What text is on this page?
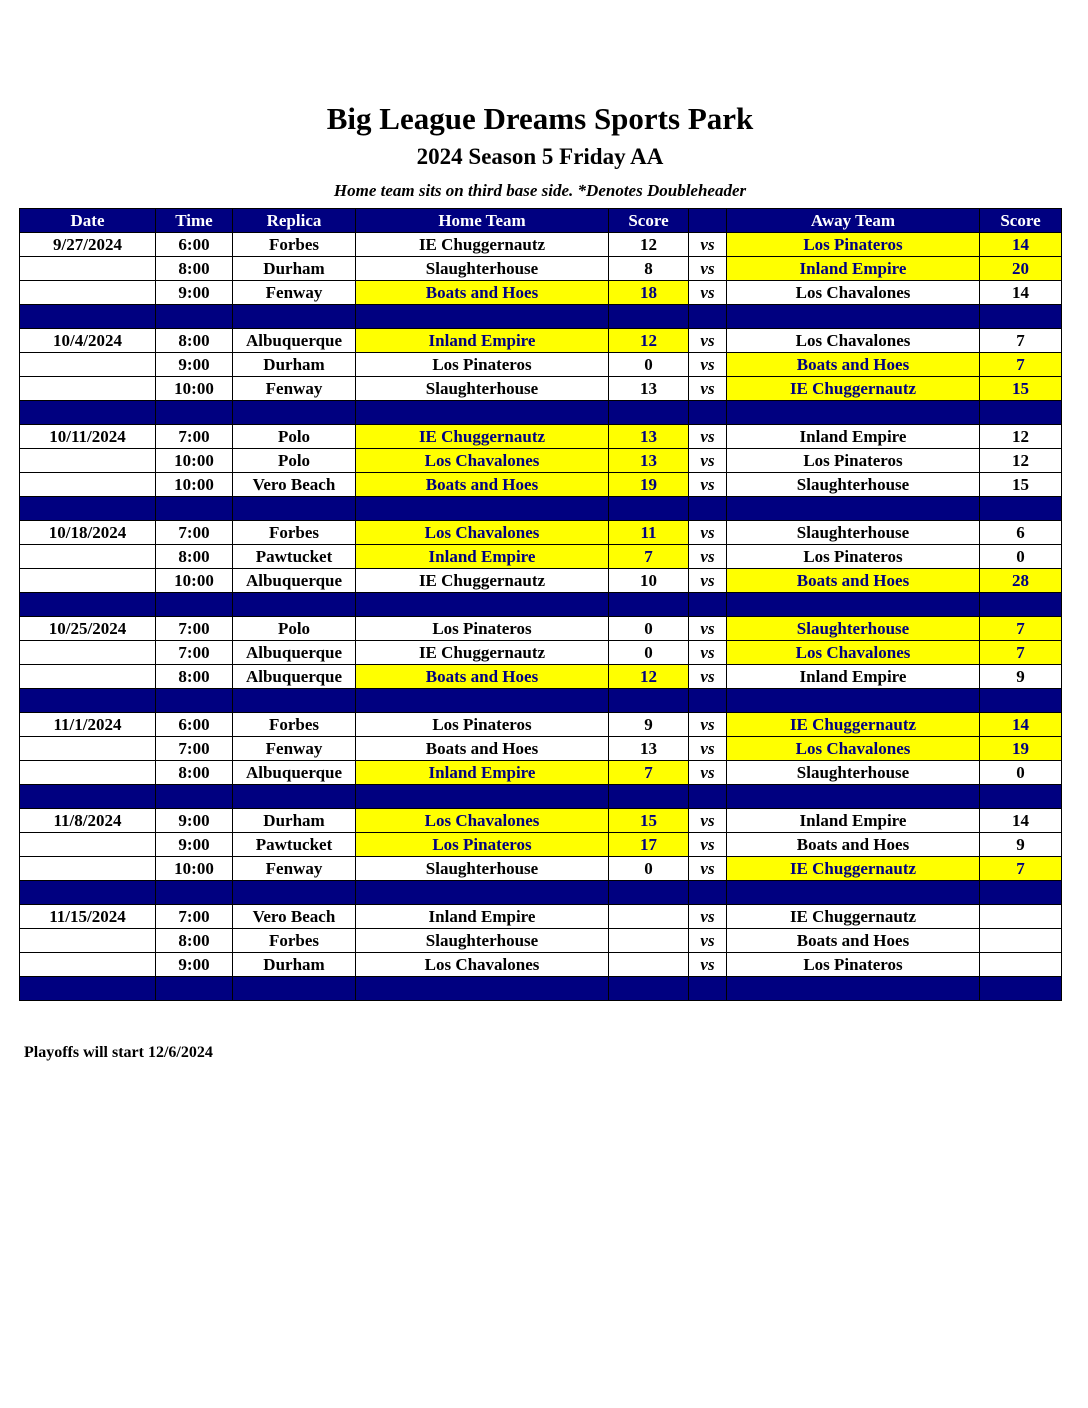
Big League Dreams Sports Park
2024 Season 5 Friday AA
Home team sits on third base side. *Denotes Doubleheader
Date	Time	Replica	Home Team	Score		Away Team	Score
9/27/2024	6:00	Forbes	IE Chuggernautz	12	vs	Los Pinateros	14
	8:00	Durham	Slaughterhouse	8	vs	Inland Empire	20
	9:00	Fenway	Boats and Hoes	18	vs	Los Chavalones	14

10/4/2024	8:00	Albuquerque	Inland Empire	12	vs	Los Chavalones	7
	9:00	Durham	Los Pinateros	0	vs	Boats and Hoes	7
	10:00	Fenway	Slaughterhouse	13	vs	IE Chuggernautz	15

10/11/2024	7:00	Polo	IE Chuggernautz	13	vs	Inland Empire	12
	10:00	Polo	Los Chavalones	13	vs	Los Pinateros	12
	10:00	Vero Beach	Boats and Hoes	19	vs	Slaughterhouse	15

10/18/2024	7:00	Forbes	Los Chavalones	11	vs	Slaughterhouse	6
	8:00	Pawtucket	Inland Empire	7	vs	Los Pinateros	0
	10:00	Albuquerque	IE Chuggernautz	10	vs	Boats and Hoes	28

10/25/2024	7:00	Polo	Los Pinateros	0	vs	Slaughterhouse	7
	7:00	Albuquerque	IE Chuggernautz	0	vs	Los Chavalones	7
	8:00	Albuquerque	Boats and Hoes	12	vs	Inland Empire	9

11/1/2024	6:00	Forbes	Los Pinateros	9	vs	IE Chuggernautz	14
	7:00	Fenway	Boats and Hoes	13	vs	Los Chavalones	19
	8:00	Albuquerque	Inland Empire	7	vs	Slaughterhouse	0

11/8/2024	9:00	Durham	Los Chavalones	15	vs	Inland Empire	14
	9:00	Pawtucket	Los Pinateros	17	vs	Boats and Hoes	9
	10:00	Fenway	Slaughterhouse	0	vs	IE Chuggernautz	7

11/15/2024	7:00	Vero Beach	Inland Empire		vs	IE Chuggernautz	
	8:00	Forbes	Slaughterhouse		vs	Boats and Hoes	
	9:00	Durham	Los Chavalones		vs	Los Pinateros	

Playoffs will start 12/6/2024
